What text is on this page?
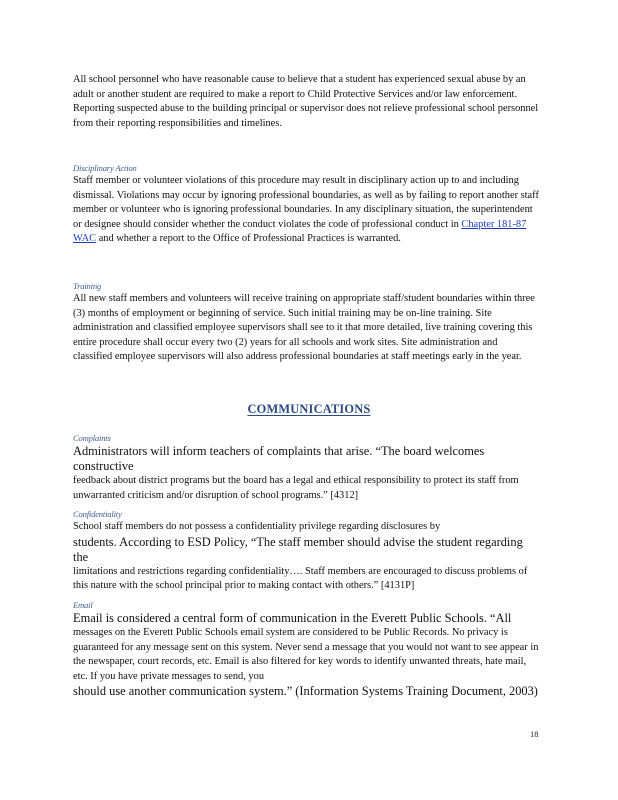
All school personnel who have reasonable cause to believe that a student has experienced sexual abuse by an adult or another student are required to make a report to Child Protective Services and/or law enforcement. Reporting suspected abuse to the building principal or supervisor does not relieve professional school personnel from their reporting responsibilities and timelines.

Disciplinary Action

Staff member or volunteer violations of this procedure may result in disciplinary action up to and including dismissal. Violations may occur by ignoring professional boundaries, as well as by failing to report another staff member or volunteer who is ignoring professional boundaries. In any disciplinary situation, the superintendent or designee should consider whether the conduct violates the code of professional conduct in Chapter 181-87 WAC and whether a report to the Office of Professional Practices is warranted.

Training

All new staff members and volunteers will receive training on appropriate staff/student boundaries within three (3) months of employment or beginning of service. Such initial training may be on-line training. Site administration and classified employee supervisors shall see to it that more detailed, live training covering this entire procedure shall occur every two (2) years for all schools and work sites. Site administration and classified employee supervisors will also address professional boundaries at staff meetings early in the year.

COMMUNICATIONS

Complaints

Administrators will inform teachers of complaints that arise. “The board welcomes constructive

feedback about district programs but the board has a legal and ethical responsibility to protect its staff from unwarranted criticism and/or disruption of school programs.” [4312]

Confidentiality

School staff members do not possess a confidentiality privilege regarding disclosures by

students. According to ESD Policy, “The staff member should advise the student regarding the

limitations and restrictions regarding confidentiality…. Staff members are encouraged to discuss problems of this nature with the school principal prior to making contact with others.” [4131P]

Email

Email is considered a central form of communication in the Everett Public Schools. “All

messages on the Everett Public Schools email system are considered to be Public Records. No privacy is guaranteed for any message sent on this system. Never send a message that you would not want to see appear in the newspaper, court records, etc. Email is also filtered for key words to identify unwanted threats, hate mail, etc. If you have private messages to send, you

should use another communication system.” (Information Systems Training Document, 2003)

18
